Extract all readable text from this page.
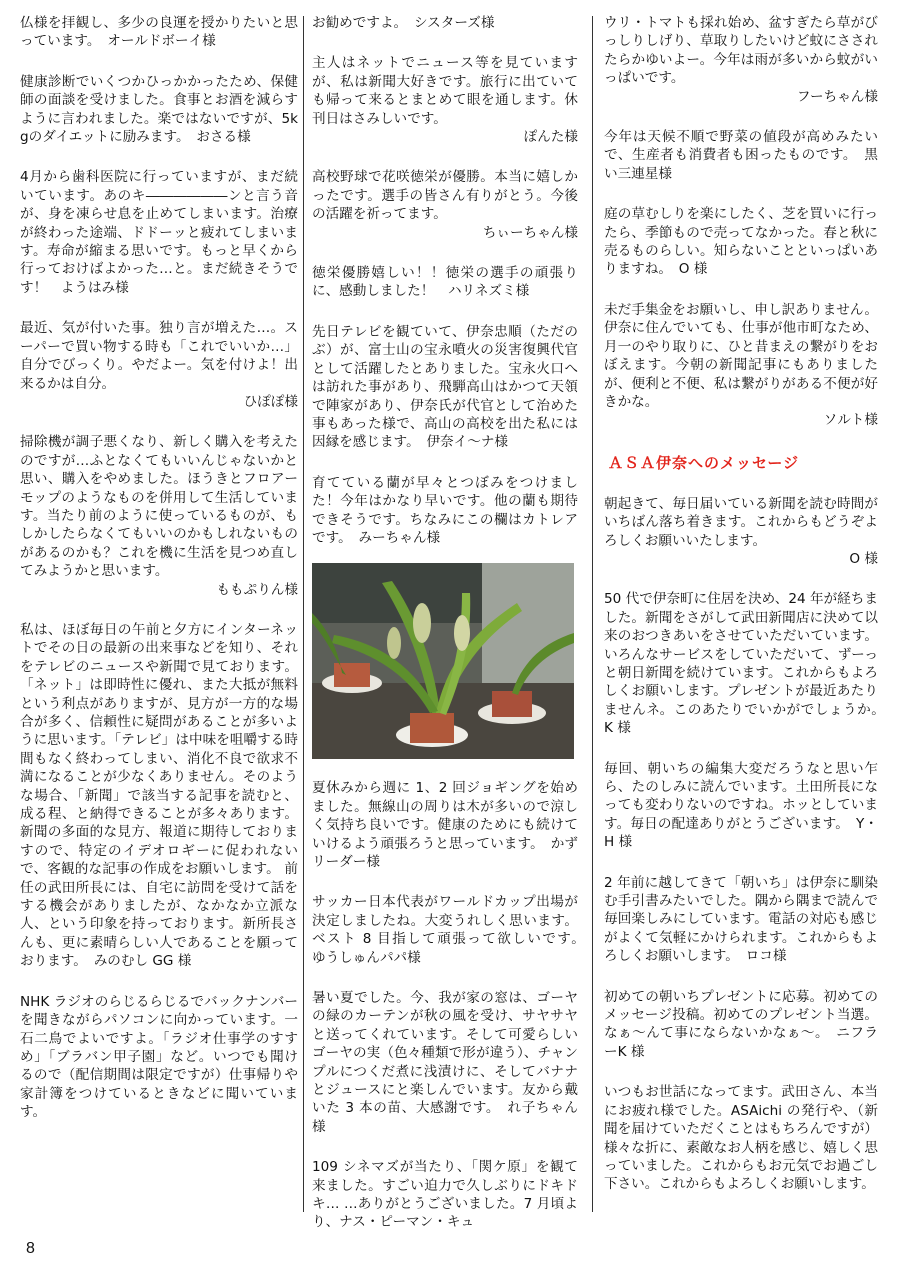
仏様を拝観し、多少の良運を授かりたいと思っています。　 オールドボーイ様

健康診断でいくつかひっかかったため、保健師の面談を受けました。食事とお酒を減らすように言われました。楽ではないですが、5kgのダイエットに励みます。　 おさる様

4月から歯科医院に行っていますが、まだ続いています。あのキ――――――ンと言う音が、身を凍らせ息を止めてしまいます。治療が終わった途端、ドドーッと疲れてしまいます。寿命が縮まる思いです。もっと早くから行っておけばよかった…と。まだ続きそうです！　 ようはみ様

最近、気が付いた事。独り言が増えた…。スーパーで買い物する時も「これでいいか…」自分でびっくり。やだよー。気を付けよ！出来るかは自分。
ひぽぽ様

掃除機が調子悪くなり、新しく購入を考えたのですが…ふとなくてもいいんじゃないかと思い、購入をやめました。ほうきとフロアーモップのようなものを併用して生活しています。当たり前のように使っているものが、もしかしたらなくてもいいのかもしれないものがあるのかも？これを機に生活を見つめ直してみようかと思います。
ももぷりん様

私は、ほぼ毎日の午前と夕方にインターネットでその日の最新の出来事などを知り、それをテレビのニュースや新聞で見ております。「ネット」は即時性に優れ、また大抵が無料という利点がありますが、見方が一方的な場合が多く、信頼性に疑問があることが多いように思います。「テレビ」は中味を咀嚼する時間もなく終わってしまい、消化不良で欲求不満になることが少なくありません。そのような場合、「新聞」で該当する記事を読むと、成る程、と納得できることが多々あります。新聞の多面的な見方、報道に期待しておりますので、特定のイデオロギーに促われないで、客観的な記事の作成をお願いします。 前任の武田所長には、自宅に訪問を受けて話をする機会がありましたが、なかなか立派な人、という印象を持っております。新所長さんも、更に素晴らしい人であることを願っております。　 みのむし GG 様

NHK ラジオのらじるらじるでバックナンバーを聞きながらパソコンに向かっています。一石二鳥でよいですよ。「ラジオ仕事学のすすめ」「ブラバン甲子園」など。いつでも聞けるので（配信期間は限定ですが）仕事帰りや家計簿をつけているときなどに聞いています。

お勧めですよ。　 シスターズ様

主人はネットでニュース等を見ていますが、私は新聞大好きです。旅行に出ていても帰って来るとまとめて眼を通します。休刊日はさみしいです。
ぽんた様

高校野球で花咲徳栄が優勝。本当に嬉しかったです。選手の皆さん有りがとう。今後の活躍を祈ってます。
ちぃーちゃん様

徳栄優勝嬉しい！！徳栄の選手の頑張りに、感動しました！　 ハリネズミ様

先日テレビを観ていて、伊奈忠順（ただのぶ）が、富士山の宝永噴火の災害復興代官として活躍したとありました。宝永火口へは訪れた事があり、飛騨高山はかつて天領で陣家があり、伊奈氏が代官として治めた事もあった様で、高山の高校を出た私には因縁を感じます。　 伊奈イ～ナ様

育てている蘭が早々とつぼみをつけました！今年はかなり早いです。他の蘭も期待できそうです。ちなみにこの欄はカトレアです。　 みーちゃん様

夏休みから週に 1、2 回ジョギングを始めました。無線山の周りは木が多いので涼しく気持ち良いです。健康のためにも続けていけるよう頑張ろうと思っています。　 かずリーダー様

サッカー日本代表がワールドカップ出場が決定しましたね。大変うれしく思います。ベスト 8 目指して頑張って欲しいです。　ゆうしゅんパパ様

暑い夏でした。今、我が家の窓は、ゴーヤの緑のカーテンが秋の風を受け、サヤサヤと送ってくれています。そして可愛らしいゴーヤの実（色々種類で形が違う）、チャンプルにつくだ煮に浅漬けに、そしてバナナとジュースにと楽しんでいます。友から戴いた 3 本の苗、大感謝です。　 れ子ちゃん様

109 シネマズが当たり、「関ケ原」を観て来ました。すごい迫力で久しぶりにドキドキ… …ありがとうございました。7 月頃より、ナス・ピーマン・キュ

ウリ・トマトも採れ始め、盆すぎたら草がびっしりしげり、草取りしたいけど蚊にさされたらかゆいよー。今年は雨が多いから蚊がいっぱいです。
フーちゃん様

今年は天候不順で野菜の値段が高めみたいで、生産者も消費者も困ったものです。　 黒い三連星様

庭の草むしりを楽にしたく、芝を買いに行ったら、季節もので売ってなかった。春と秋に売るものらしい。知らないことといっぱいありますね。　 O 様

未だ手集金をお願いし、申し訳ありません。伊奈に住んでいても、仕事が他市町なため、月一のやり取りに、ひと昔まえの繋がりをおぼえます。今朝の新聞記事にもありましたが、便利と不便、私は繋がりがある不便が好きかな。
ソルト様

ＡＳＡ伊奈へのメッセージ

朝起きて、毎日届いている新聞を読む時間がいちばん落ち着きます。これからもどうぞよろしくお願いいたします。
O 様

50 代で伊奈町に住居を決め、24 年が経ちました。新聞をさがして武田新聞店に決めて以来のおつきあいをさせていただいています。いろんなサービスをしていただいて、ずーっと朝日新聞を続けています。これからもよろしくお願いします。プレゼントが最近あたりませんネ。このあたりでいかがでしょうか。　K 様

毎回、朝いちの編集大変だろうなと思い乍ら、たのしみに読んでいます。土田所長になっても変わりないのですね。ホッとしています。毎日の配達ありがとうございます。　 Y・H 様

2 年前に越してきて「朝いち」は伊奈に馴染む手引書みたいでした。隅から隅まで読んで毎回楽しみにしています。電話の対応も感じがよくて気軽にかけられます。これからもよろしくお願いします。　 ロコ様

初めての朝いちプレゼントに応募。初めてのメッセージ投稿。初めてのプレゼント当選。なぁ～んて事にならないかなぁ～。　 ニフラーK 様

いつもお世話になってます。武田さん、本当にお疲れ様でした。ASAichi の発行や、（新聞を届けていただくことはもちろんですが）様々な折に、素敵なお人柄を感じ、嬉しく思っていました。これからもお元気でお過ごし下さい。これからもよろしくお願いします。

8
